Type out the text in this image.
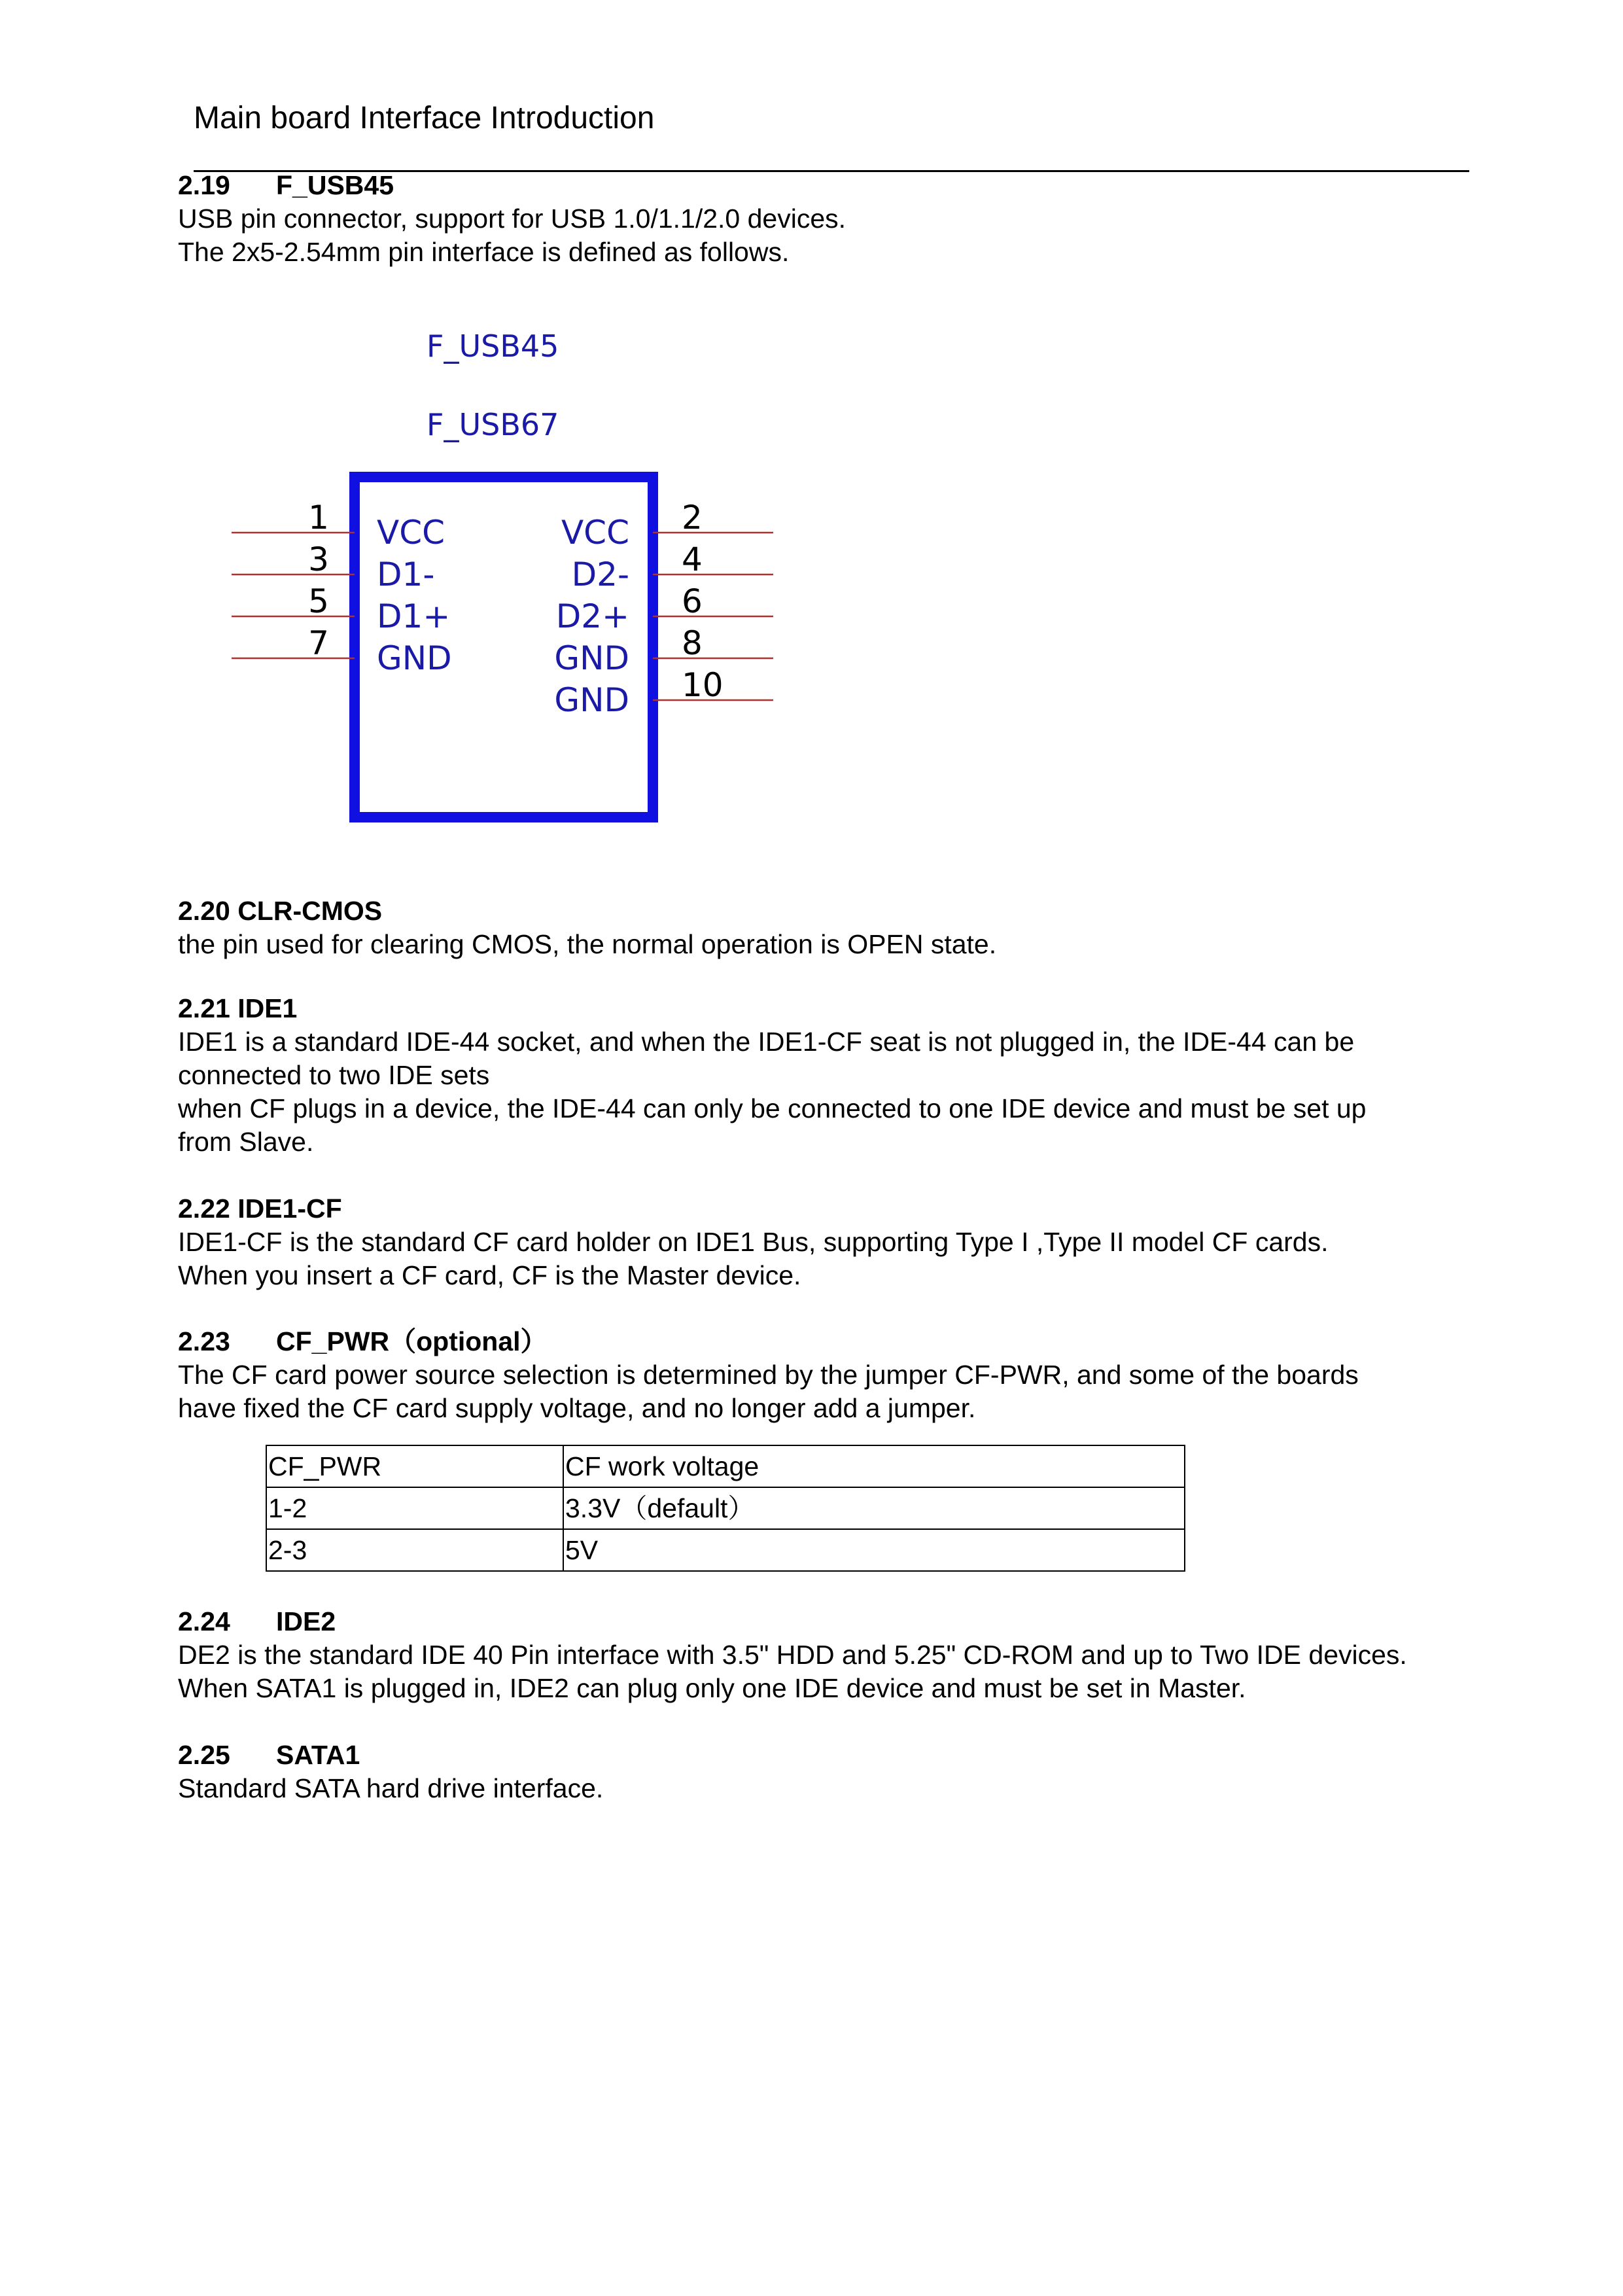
Main board Interface Introduction

2.19 F_USB45

USB pin connector, support for USB 1.0/1.1/2.0 devices.

The 2x5-2.54mm pin interface is defined as follows.

F_USB45
F_USB67
1 VCC
3 D1-
5 D1+
7 GND
2
VCC
4
D2-
6
D2+
8
GND
10
GND

2.20 CLR-CMOS

the pin used for clearing CMOS, the normal operation is OPEN state.

2.21 IDE1

IDE1 is a standard IDE-44 socket, and when the IDE1-CF seat is not plugged in, the IDE-44 can be

connected to two IDE sets

when CF plugs in a device, the IDE-44 can only be connected to one IDE device and must be set up

from Slave.

2.22 IDE1-CF

IDE1-CF is the standard CF card holder on IDE1 Bus, supporting Type I ,Type II model CF cards.

When you insert a CF card, CF is the Master device.

2.23 CF_PWR（optional）

The CF card power source selection is determined by the jumper CF-PWR, and some of the boards

have fixed the CF card supply voltage, and no longer add a jumper.

CF_PWR	CF work voltage
1-2	3.3V（default）
2-3	5V

2.24 IDE2

DE2 is the standard IDE 40 Pin interface with 3.5" HDD and 5.25" CD-ROM and up to Two IDE devices.

When SATA1 is plugged in, IDE2 can plug only one IDE device and must be set in Master.

2.25 SATA1

Standard SATA hard drive interface.
